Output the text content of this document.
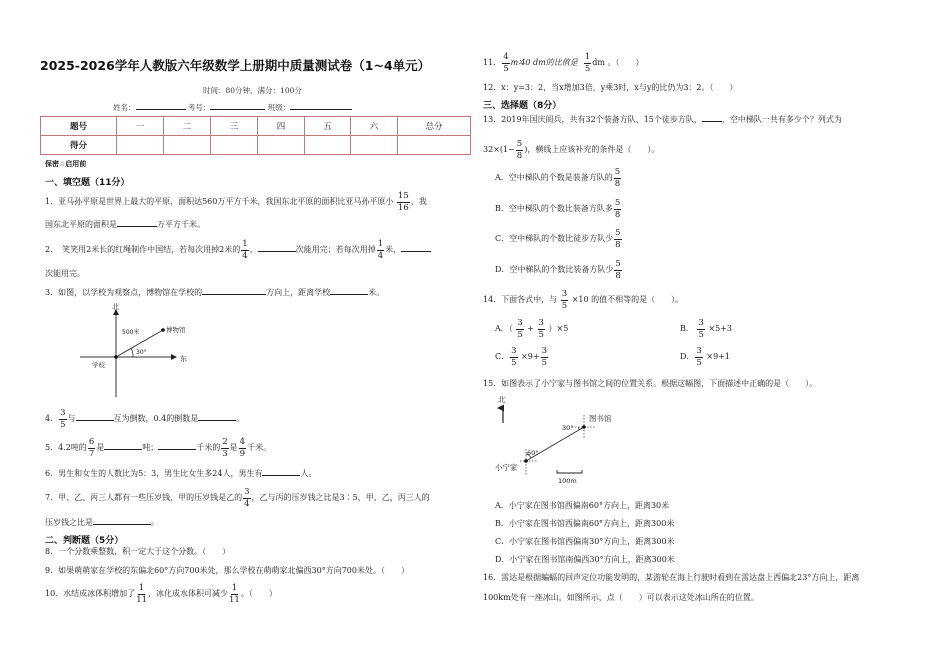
2025-2026学年人教版六年级数学上册期中质量测试卷（1~4单元）
时间：80分钟，满分：100分
姓名：	考号：	班级：
题号	一	二	三	四	五	六	总分
得分							
保密☆启用前
一、填空题（11分）
1．亚马孙平原是世界上最大的平原，面积达560万平方千米，我国东北平原的面积比亚马孙平原小 $\frac{15}{16}$ ，我
国东北平原的面积是	万平方千米。
2．　笑笑用2米长的红绳制作中国结，若每次用掉2米的 $\frac{1}{4}$ ，	次能用完；若每次用掉 $\frac{1}{4}$ 米，
次能用完。
3．如图，以学校为观察点，博物馆在学校的	方向上，距离学校	米。
北
东
学校
博物馆
500米
30°
4． $\frac{3}{5}$ 与	互为倒数，0.4的倒数是	。
5．4.2吨的 $\frac{6}{7}$ 是	吨；	千米的 $\frac{2}{3}$ 是 $\frac{4}{9}$ 千米。
6．男生和女生的人数比为5：3，男生比女生多24人，男生有	人。
7．甲、乙、丙三人都有一些压岁钱，甲的压岁钱是乙的 $\frac{3}{4}$ ，乙与丙的压岁钱之比是3∶5，甲、乙、丙三人的
压岁钱之比是	。
二、判断题（5分）
8．一个分数乘整数，积一定大于这个分数。（　　）
9．如果萌萌家在学校的东偏北60°方向700米处，那么学校在萌萌家北偏西30°方向700米处。（　　）
10．水结成冰体积增加了 $\frac{1}{11}$ ，冰化成水体积可减少 $\frac{1}{11}$ 。（　　）
11． $\frac{4}{5}$ m∶40 dm的比值是 $\frac{1}{5}$ dm 。（　　）
12．x：y=3：2，当x增加3倍，y乘3时，x与y的比仍为3：2。（　　）
三、选择题（8分）
13．2019年国庆阅兵，共有32个装备方队、15个徒步方队，	，空中梯队一共有多少个？列式为
$32\times(1- \frac{5}{8}$ )，横线上应该补充的条件是（　　）。
A．空中梯队的个数是装备方队的 $\frac{5}{8}$
B．空中梯队的个数比装备方队多 $\frac{5}{8}$
C．空中梯队的个数比徒步方队少 $\frac{5}{8}$
D．空中梯队的个数比装备方队少 $\frac{5}{8}$
14．下面各式中，与 $\frac{3}{5} \times 10$ 的值不相等的是（　　）。
A．（ $\frac{3}{5} + \frac{3}{5} )\times 5$	B． $\frac{3}{5} \times 5+3$
C． $\frac{3}{5} \times 9+ \frac{3}{5}$	D． $\frac{3}{5} \times 9+1$
15．如图表示了小宁家与图书馆之间的位置关系。根据这幅图，下面描述中正确的是（　　）。
北
图书馆
30°
60°
小宁家
100m
A．小宁家在图书馆西偏南60°方向上，距离30米
B．小宁家在图书馆西偏南60°方向上，距离300米
C．小宁家在图书馆西偏南30°方向上，距离300米
D．小宁家在图书馆南偏西30°方向上，距离300米
16．雷达是根据蝙蝠的回声定位功能发明的，某游轮在海上行驶时看到在雷达盘上西偏北23°方向上，距离
100km处有一座冰山，如图所示，点（　　）可以表示这处冰山所在的位置。
